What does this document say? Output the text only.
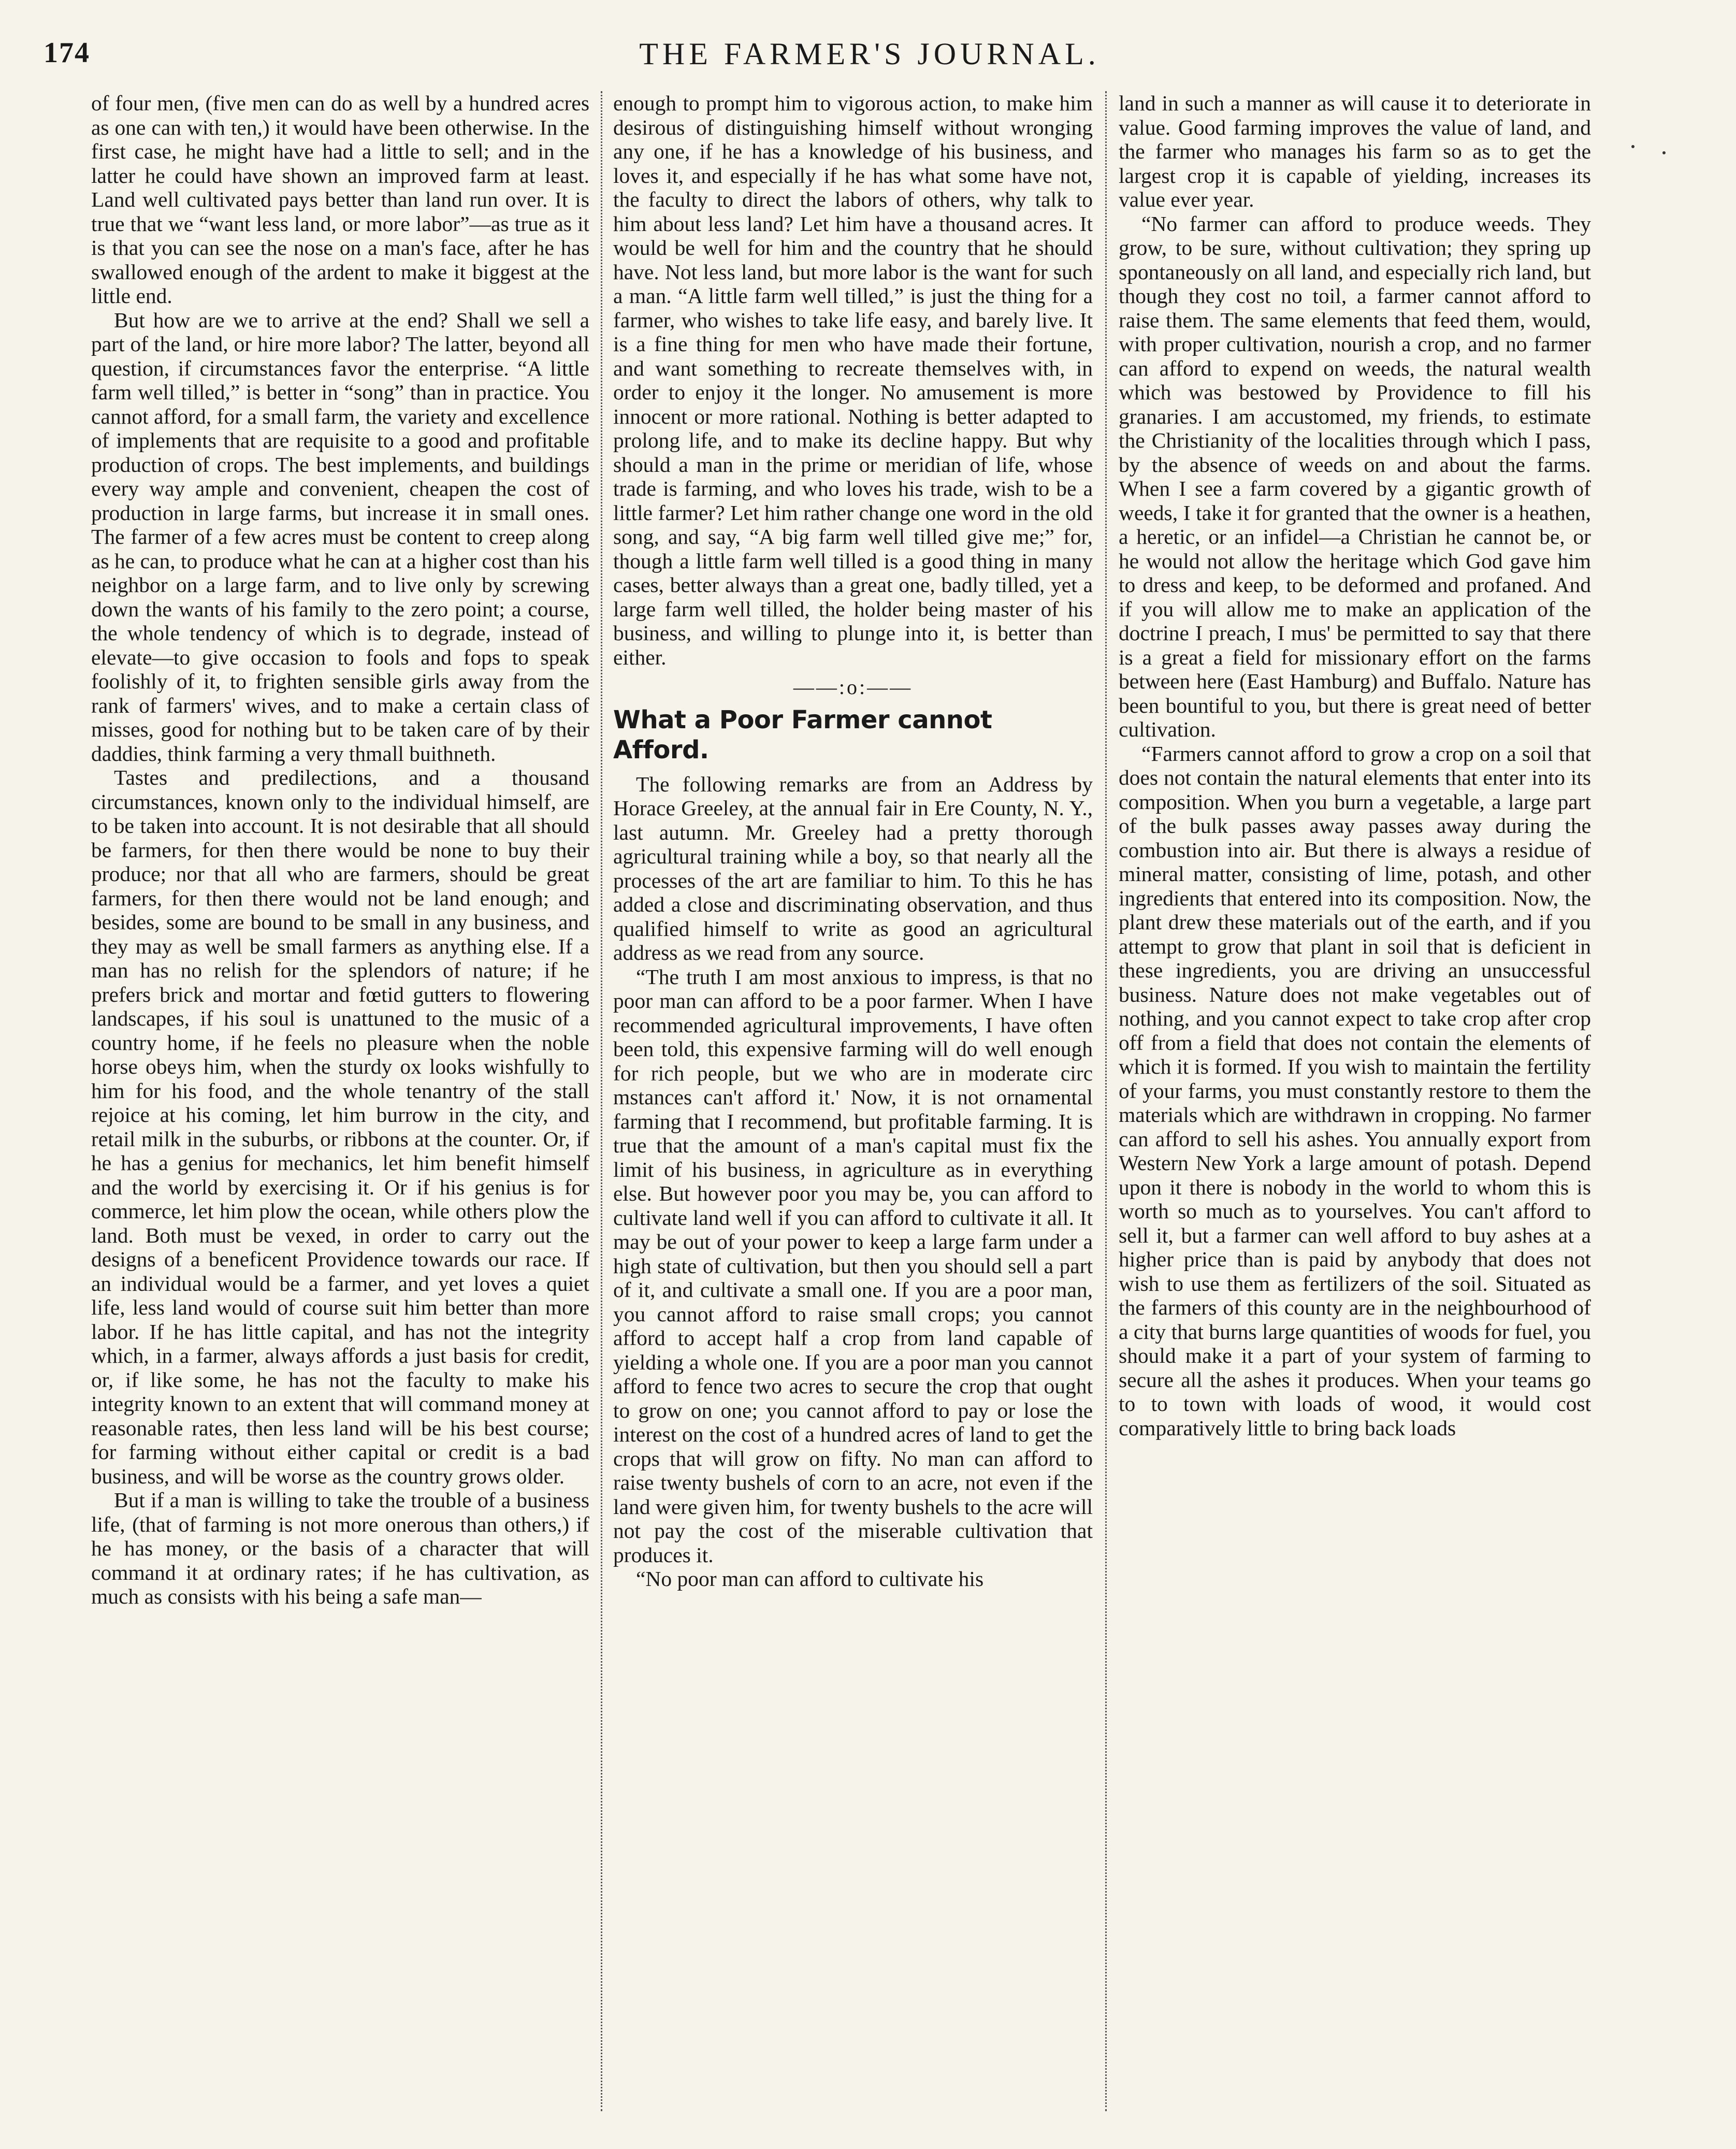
174	THE FARMER'S JOURNAL.

of four men, (five men can do as well by a hundred acres as one can with ten,) it would have been otherwise. In the first case, he might have had a little to sell; and in the latter he could have shown an improved farm at least. Land well cultivated pays better than land run over. It is true that we “want less land, or more labor”—as true as it is that you can see the nose on a man's face, after he has swallowed enough of the ardent to make it biggest at the little end.

But how are we to arrive at the end? Shall we sell a part of the land, or hire more labor? The latter, beyond all question, if circumstances favor the enterprise. “A little farm well tilled,” is better in “song” than in practice. You cannot afford, for a small farm, the variety and excellence of implements that are requisite to a good and profitable production of crops. The best implements, and buildings every way ample and convenient, cheapen the cost of production in large farms, but increase it in small ones. The farmer of a few acres must be content to creep along as he can, to produce what he can at a higher cost than his neighbor on a large farm, and to live only by screwing down the wants of his family to the zero point; a course, the whole tendency of which is to degrade, instead of elevate—to give occasion to fools and fops to speak foolishly of it, to frighten sensible girls away from the rank of farmers' wives, and to make a certain class of misses, good for nothing but to be taken care of by their daddies, think farming a very thmall buithneth.

Tastes and predilections, and a thousand circumstances, known only to the individual himself, are to be taken into account. It is not desirable that all should be farmers, for then there would be none to buy their produce; nor that all who are farmers, should be great farmers, for then there would not be land enough; and besides, some are bound to be small in any business, and they may as well be small farmers as anything else. If a man has no relish for the splendors of nature; if he prefers brick and mortar and fœtid gutters to flowering landscapes, if his soul is unattuned to the music of a country home, if he feels no pleasure when the noble horse obeys him, when the sturdy ox looks wishfully to him for his food, and the whole tenantry of the stall rejoice at his coming, let him burrow in the city, and retail milk in the suburbs, or ribbons at the counter. Or, if he has a genius for mechanics, let him benefit himself and the world by exercising it. Or if his genius is for commerce, let him plow the ocean, while others plow the land. Both must be vexed, in order to carry out the designs of a beneficent Providence towards our race. If an individual would be a farmer, and yet loves a quiet life, less land would of course suit him better than more labor. If he has little capital, and has not the integrity which, in a farmer, always affords a just basis for credit, or, if like some, he has not the faculty to make his integrity known to an extent that will command money at reasonable rates, then less land will be his best course; for farming without either capital or credit is a bad business, and will be worse as the country grows older.

But if a man is willing to take the trouble of a business life, (that of farming is not more onerous than others,) if he has money, or the basis of a character that will command it at ordinary rates; if he has cultivation, as much as consists with his being a safe man—

enough to prompt him to vigorous action, to make him desirous of distinguishing himself without wronging any one, if he has a knowledge of his business, and loves it, and especially if he has what some have not, the faculty to direct the labors of others, why talk to him about less land? Let him have a thousand acres. It would be well for him and the country that he should have. Not less land, but more labor is the want for such a man. “A little farm well tilled,” is just the thing for a farmer, who wishes to take life easy, and barely live. It is a fine thing for men who have made their fortune, and want something to recreate themselves with, in order to enjoy it the longer. No amusement is more innocent or more rational. Nothing is better adapted to prolong life, and to make its decline happy. But why should a man in the prime or meridian of life, whose trade is farming, and who loves his trade, wish to be a little farmer? Let him rather change one word in the old song, and say, “A big farm well tilled give me;” for, though a little farm well tilled is a good thing in many cases, better always than a great one, badly tilled, yet a large farm well tilled, the holder being master of his business, and willing to plunge into it, is better than either.

——:o:——
What a Poor Farmer cannot Afford.

The following remarks are from an Address by Horace Greeley, at the annual fair in Ere County, N. Y., last autumn. Mr. Greeley had a pretty thorough agricultural training while a boy, so that nearly all the processes of the art are familiar to him. To this he has added a close and discriminating observation, and thus qualified himself to write as good an agricultural address as we read from any source.

“The truth I am most anxious to impress, is that no poor man can afford to be a poor farmer. When I have recommended agricultural improvements, I have often been told, this expensive farming will do well enough for rich people, but we who are in moderate circ mstances can't afford it.' Now, it is not ornamental farming that I recommend, but profitable farming. It is true that the amount of a man's capital must fix the limit of his business, in agriculture as in everything else. But however poor you may be, you can afford to cultivate land well if you can afford to cultivate it all. It may be out of your power to keep a large farm under a high state of cultivation, but then you should sell a part of it, and cultivate a small one. If you are a poor man, you cannot afford to raise small crops; you cannot afford to accept half a crop from land capable of yielding a whole one. If you are a poor man you cannot afford to fence two acres to secure the crop that ought to grow on one; you cannot afford to pay or lose the interest on the cost of a hundred acres of land to get the crops that will grow on fifty. No man can afford to raise twenty bushels of corn to an acre, not even if the land were given him, for twenty bushels to the acre will not pay the cost of the miserable cultivation that produces it.

“No poor man can afford to cultivate his

land in such a manner as will cause it to deteriorate in value. Good farming improves the value of land, and the farmer who manages his farm so as to get the largest crop it is capable of yielding, increases its value ever year.

“No farmer can afford to produce weeds. They grow, to be sure, without cultivation; they spring up spontaneously on all land, and especially rich land, but though they cost no toil, a farmer cannot afford to raise them. The same elements that feed them, would, with proper cultivation, nourish a crop, and no farmer can afford to expend on weeds, the natural wealth which was bestowed by Providence to fill his granaries. I am accustomed, my friends, to estimate the Christianity of the localities through which I pass, by the absence of weeds on and about the farms. When I see a farm covered by a gigantic growth of weeds, I take it for granted that the owner is a heathen, a heretic, or an infidel—a Christian he cannot be, or he would not allow the heritage which God gave him to dress and keep, to be deformed and profaned. And if you will allow me to make an application of the doctrine I preach, I mus' be permitted to say that there is a great a field for missionary effort on the farms between here (East Hamburg) and Buffalo. Nature has been bountiful to you, but there is great need of better cultivation.

“Farmers cannot afford to grow a crop on a soil that does not contain the natural elements that enter into its composition. When you burn a vegetable, a large part of the bulk passes away passes away during the combustion into air. But there is always a residue of mineral matter, consisting of lime, potash, and other ingredients that entered into its composition. Now, the plant drew these materials out of the earth, and if you attempt to grow that plant in soil that is deficient in these ingredients, you are driving an unsuccessful business. Nature does not make vegetables out of nothing, and you cannot expect to take crop after crop off from a field that does not contain the elements of which it is formed. If you wish to maintain the fertility of your farms, you must constantly restore to them the materials which are withdrawn in cropping. No farmer can afford to sell his ashes. You annually export from Western New York a large amount of potash. Depend upon it there is nobody in the world to whom this is worth so much as to yourselves. You can't afford to sell it, but a farmer can well afford to buy ashes at a higher price than is paid by anybody that does not wish to use them as fertilizers of the soil. Situated as the farmers of this county are in the neighbourhood of a city that burns large quantities of woods for fuel, you should make it a part of your system of farming to secure all the ashes it produces. When your teams go to to town with loads of wood, it would cost comparatively little to bring back loads
